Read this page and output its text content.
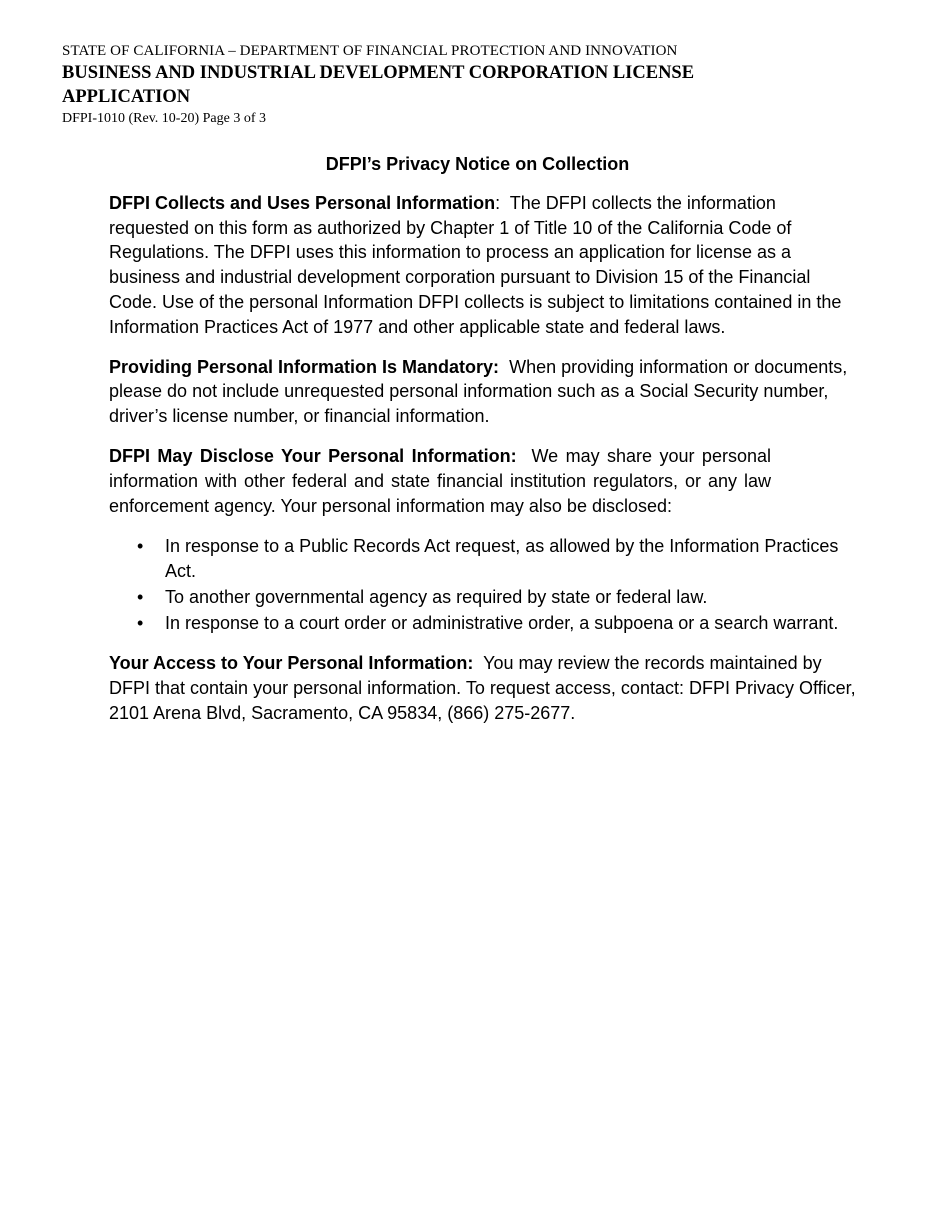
STATE OF CALIFORNIA – DEPARTMENT OF FINANCIAL PROTECTION AND INNOVATION
BUSINESS AND INDUSTRIAL DEVELOPMENT CORPORATION LICENSE APPLICATION
DFPI-1010 (Rev. 10-20) Page 3 of 3
DFPI’s Privacy Notice on Collection

DFPI Collects and Uses Personal Information:  The DFPI collects the information requested on this form as authorized by Chapter 1 of Title 10 of the California Code of Regulations. The DFPI uses this information to process an application for license as a business and industrial development corporation pursuant to Division 15 of the Financial Code. Use of the personal Information DFPI collects is subject to limitations contained in the Information Practices Act of 1977 and other applicable state and federal laws.

Providing Personal Information Is Mandatory: When providing information or documents, please do not include unrequested personal information such as a Social Security number, driver’s license number, or financial information.

DFPI May Disclose Your Personal Information: We may share your personal information with other federal and state financial institution regulators, or any law enforcement agency. Your personal information may also be disclosed:

• In response to a Public Records Act request, as allowed by the Information Practices Act.
• To another governmental agency as required by state or federal law.
• In response to a court order or administrative order, a subpoena or a search warrant.

Your Access to Your Personal Information: You may review the records maintained by DFPI that contain your personal information. To request access, contact: DFPI Privacy Officer, 2101 Arena Blvd, Sacramento, CA 95834, (866) 275-2677.
